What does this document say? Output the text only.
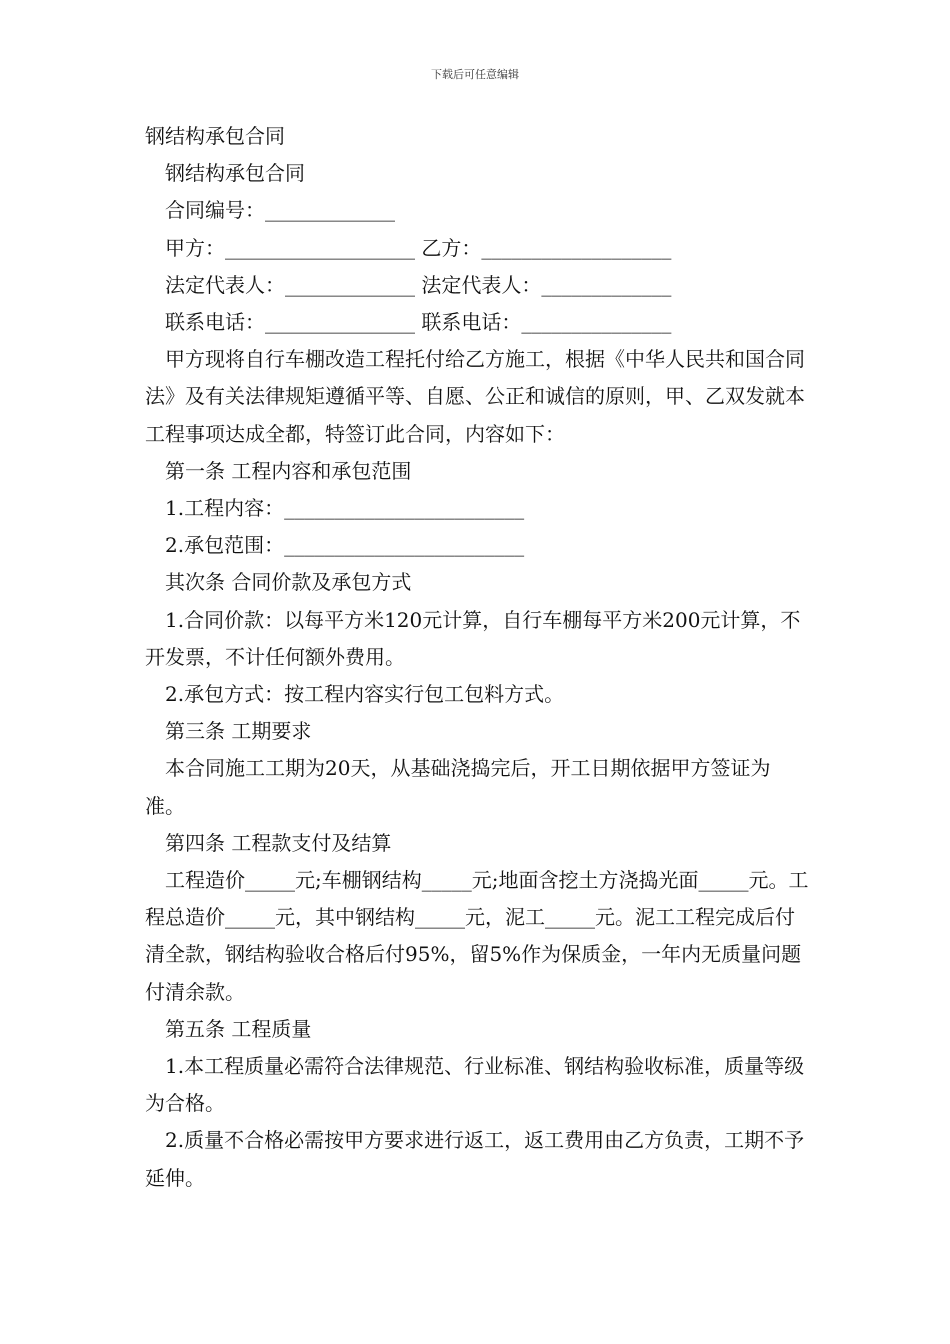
下载后可任意编辑

钢结构承包合同

钢结构承包合同

合同编号：_____________

甲方：___________________ 乙方：___________________

法定代表人：_____________ 法定代表人：_____________

联系电话：_______________ 联系电话：_______________

甲方现将自行车棚改造工程托付给乙方施工，根据《中华人民共和国合同法》及有关法律规矩遵循平等、自愿、公正和诚信的原则，甲、乙双发就本工程事项达成全都，特签订此合同，内容如下：

第一条 工程内容和承包范围

1.工程内容：________________________

2.承包范围：________________________

其次条 合同价款及承包方式

1.合同价款：以每平方米120元计算，自行车棚每平方米200元计算，不开发票，不计任何额外费用。

2.承包方式：按工程内容实行包工包料方式。

第三条 工期要求

本合同施工工期为20天，从基础浇捣完后，开工日期依据甲方签证为准。

第四条 工程款支付及结算

工程造价_____元;车棚钢结构_____元;地面含挖土方浇捣光面_____元。工程总造价_____元，其中钢结构_____元，泥工_____元。泥工工程完成后付清全款，钢结构验收合格后付95%，留5%作为保质金，一年内无质量问题付清余款。

第五条 工程质量

1.本工程质量必需符合法律规范、行业标准、钢结构验收标准，质量等级为合格。

2.质量不合格必需按甲方要求进行返工，返工费用由乙方负责，工期不予延伸。
